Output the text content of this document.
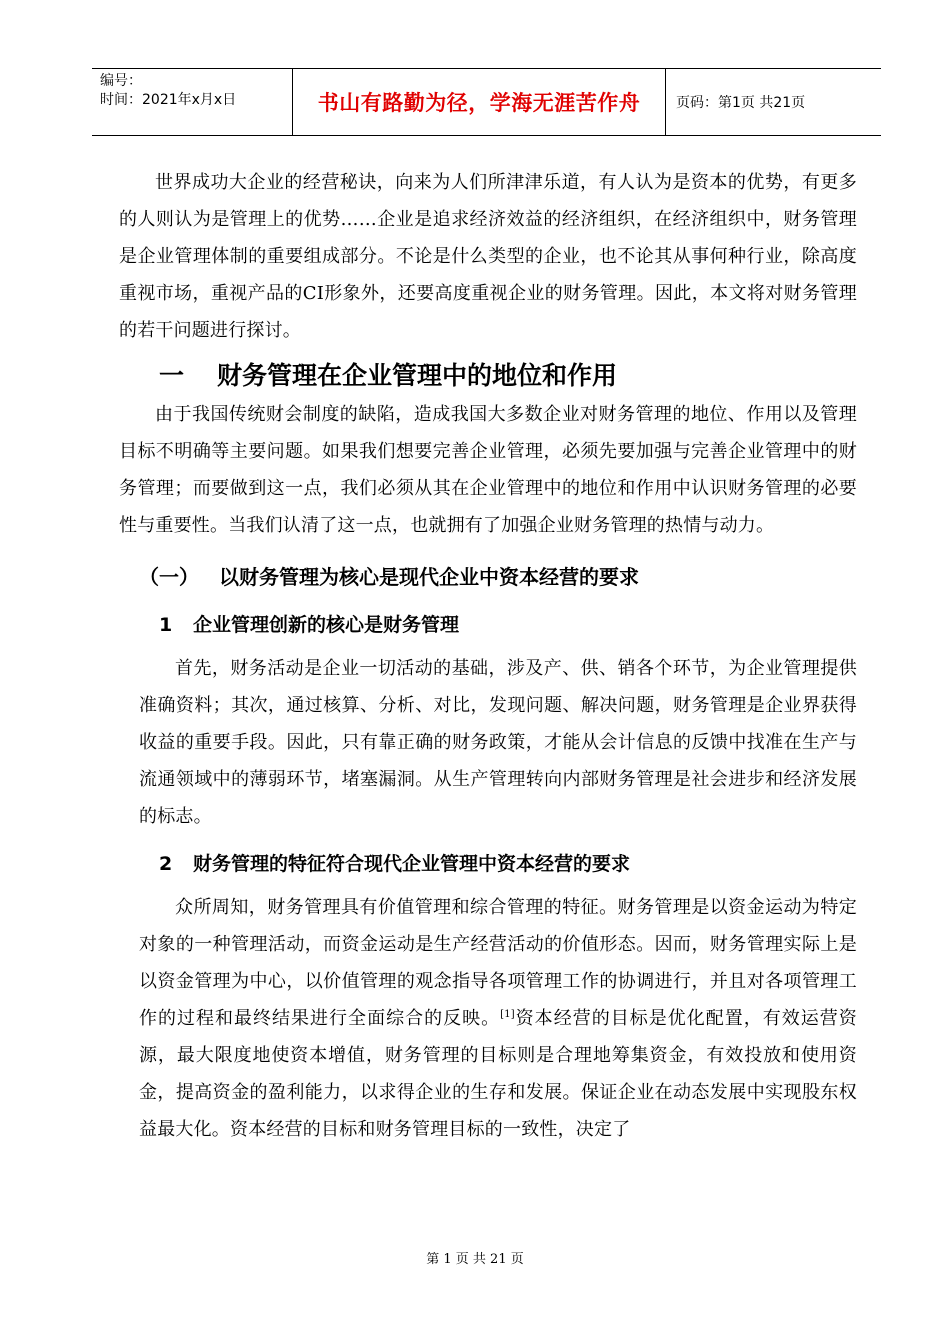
编号：
时间：2021年x月x日	书山有路勤为径，学海无涯苦作舟	页码：第1页 共21页

世界成功大企业的经营秘诀，向来为人们所津津乐道，有人认为是资本的优势，有更多的人则认为是管理上的优势……企业是追求经济效益的经济组织，在经济组织中，财务管理是企业管理体制的重要组成部分。不论是什么类型的企业，也不论其从事何种行业，除高度重视市场，重视产品的CI形象外，还要高度重视企业的财务管理。因此，本文将对财务管理的若干问题进行探讨。

一 财务管理在企业管理中的地位和作用

由于我国传统财会制度的缺陷，造成我国大多数企业对财务管理的地位、作用以及管理目标不明确等主要问题。如果我们想要完善企业管理，必须先要加强与完善企业管理中的财务管理；而要做到这一点，我们必须从其在企业管理中的地位和作用中认识财务管理的必要性与重要性。当我们认清了这一点，也就拥有了加强企业财务管理的热情与动力。

（一） 以财务管理为核心是现代企业中资本经营的要求
1 企业管理创新的核心是财务管理

首先，财务活动是企业一切活动的基础，涉及产、供、销各个环节，为企业管理提供准确资料；其次，通过核算、分析、对比，发现问题、解决问题，财务管理是企业界获得收益的重要手段。因此，只有靠正确的财务政策，才能从会计信息的反馈中找准在生产与流通领域中的薄弱环节，堵塞漏洞。从生产管理转向内部财务管理是社会进步和经济发展的标志。

2 财务管理的特征符合现代企业管理中资本经营的要求

众所周知，财务管理具有价值管理和综合管理的特征。财务管理是以资金运动为特定对象的一种管理活动，而资金运动是生产经营活动的价值形态。因而，财务管理实际上是以资金管理为中心，以价值管理的观念指导各项管理工作的协调进行，并且对各项管理工作的过程和最终结果进行全面综合的反映。[1]资本经营的目标是优化配置，有效运营资源，最大限度地使资本增值，财务管理的目标则是合理地筹集资金，有效投放和使用资金，提高资金的盈利能力，以求得企业的生存和发展。保证企业在动态发展中实现股东权益最大化。资本经营的目标和财务管理目标的一致性，决定了

第 1 页 共 21 页
